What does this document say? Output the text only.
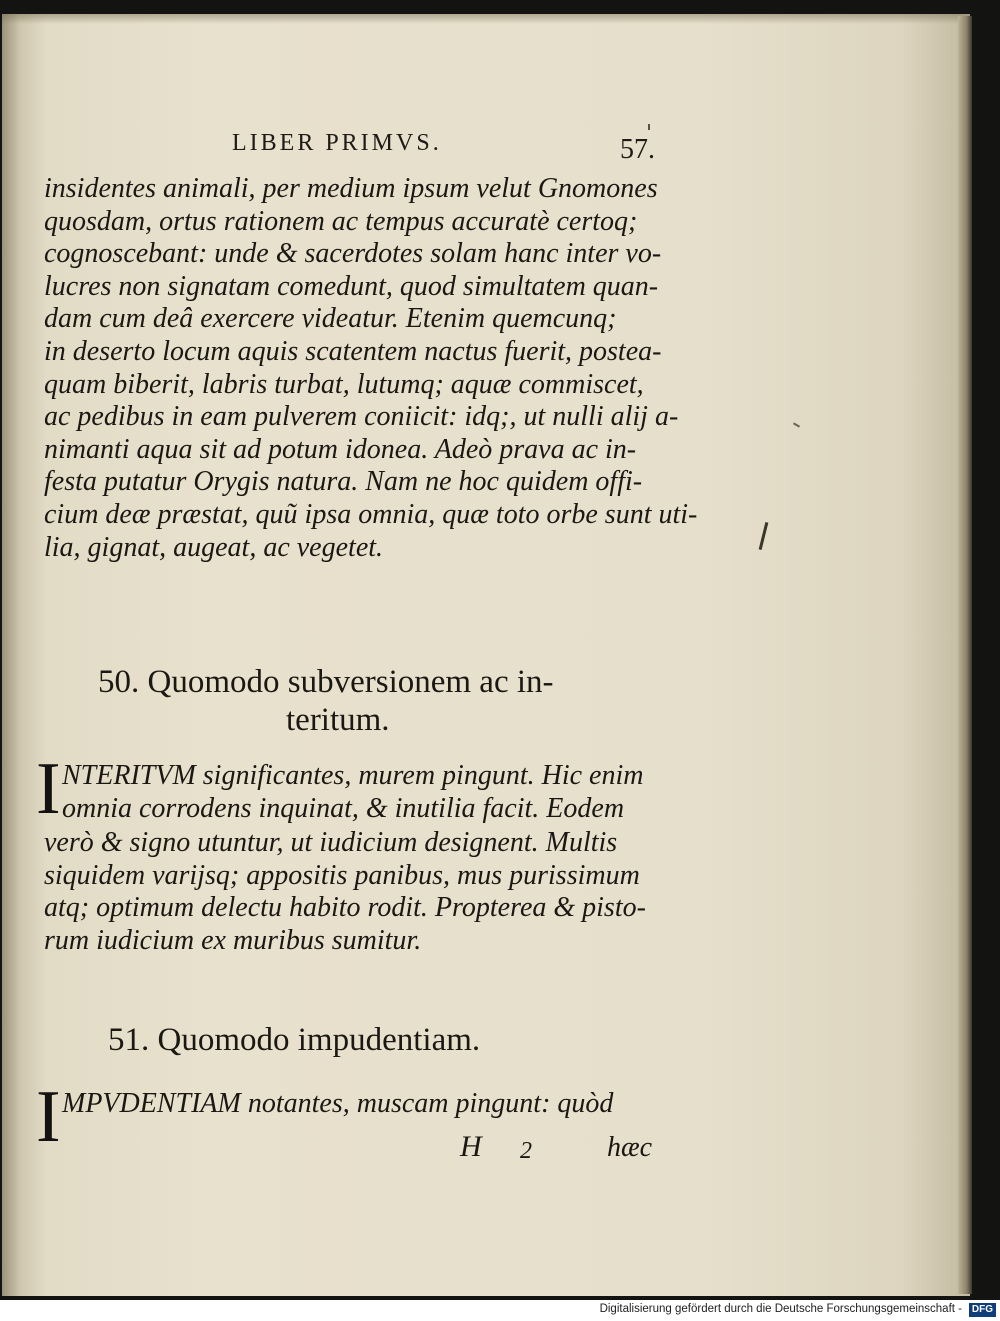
LIBER PRIMVS.	57.
insidentes animali, per medium ipsum velut Gnomones
quosdam, ortus rationem ac tempus accuratè certoq;
cognoscebant: unde & sacerdotes solam hanc inter vo-
lucres non signatam comedunt, quod simultatem quan-
dam cum deâ exercere videatur. Etenim quemcunq;
in deserto locum aquis scatentem nactus fuerit, postea-
quam biberit, labris turbat, lutumq; aquæ commiscet,
ac pedibus in eam pulverem coniicit: idq;, ut nulli alij a-
nimanti aqua sit ad potum idonea. Adeò prava ac in-
festa putatur Orygis natura. Nam ne hoc quidem offi-
cium deæ præstat, quũ ipsa omnia, quæ toto orbe sunt uti-
lia, gignat, augeat, ac vegetet.
50. Quomodo subversionem ac in-
teritum.
I NTERITVM significantes, murem pingunt. Hic enim
omnia corrodens inquinat, & inutilia facit. Eodem
verò & signo utuntur, ut iudicium designent. Multis
siquidem varijsq; appositis panibus, mus purissimum
atq; optimum delectu habito rodit. Propterea & pisto-
rum iudicium ex muribus sumitur.
51. Quomodo impudentiam.
I MPVDENTIAM notantes, muscam pingunt: quòd
H 2	hæc
Digitalisierung gefördert durch die Deutsche Forschungsgemeinschaft - DFG
